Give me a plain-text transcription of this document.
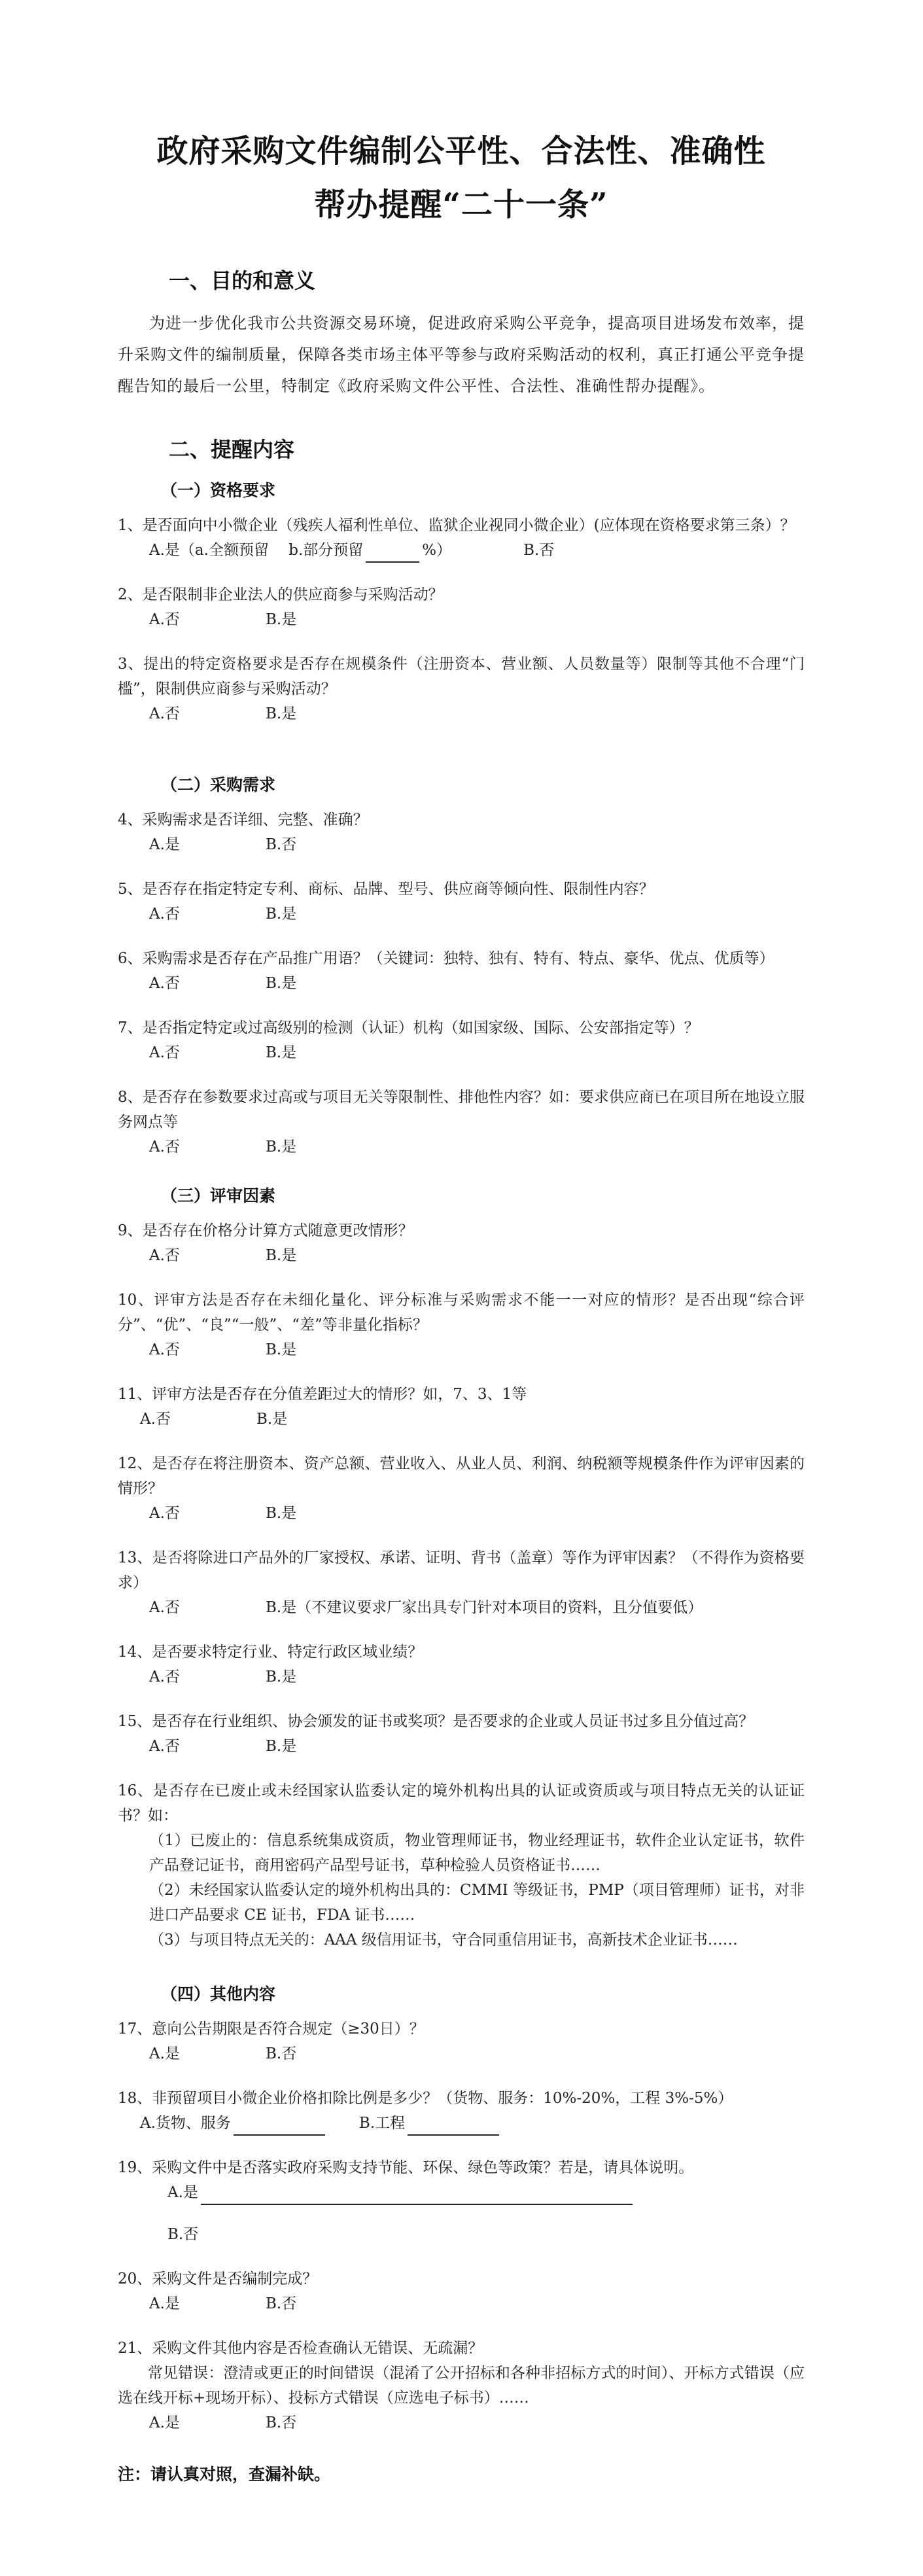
政府采购文件编制公平性、合法性、准确性
帮办提醒“二十一条”
一、目的和意义
为进一步优化我市公共资源交易环境，促进政府采购公平竞争，提高项目进场发布效率，提升采购文件的编制质量，保障各类市场主体平等参与政府采购活动的权利，真正打通公平竞争提醒告知的最后一公里，特制定《政府采购文件公平性、合法性、准确性帮办提醒》。
二、提醒内容
（一）资格要求
1、是否面向中小微企业（残疾人福利性单位、监狱企业视同小微企业）(应体现在资格要求第三条）？
A.是（a.全额预留　 b.部分预留	%）	B.否
2、是否限制非企业法人的供应商参与采购活动？
A.否	B.是
3、提出的特定资格要求是否存在规模条件（注册资本、营业额、人员数量等）限制等其他不合理“门槛”，限制供应商参与采购活动？
A.否	B.是
（二）采购需求
4、采购需求是否详细、完整、准确？
A.是	B.否
5、是否存在指定特定专利、商标、品牌、型号、供应商等倾向性、限制性内容？
A.否	B.是
6、采购需求是否存在产品推广用语？（关键词：独特、独有、特有、特点、豪华、优点、优质等）
A.否	B.是
7、是否指定特定或过高级别的检测（认证）机构（如国家级、国际、公安部指定等）？
A.否	B.是
8、是否存在参数要求过高或与项目无关等限制性、排他性内容？如：要求供应商已在项目所在地设立服务网点等
A.否	B.是
（三）评审因素
9、是否存在价格分计算方式随意更改情形？
A.否	B.是
10、评审方法是否存在未细化量化、评分标准与采购需求不能一一对应的情形？是否出现“综合评分”、“优”、“良”“一般”、“差”等非量化指标？
A.否	B.是
11、评审方法是否存在分值差距过大的情形？如，7、3、1等
A.否	B.是
12、是否存在将注册资本、资产总额、营业收入、从业人员、利润、纳税额等规模条件作为评审因素的情形？
A.否	B.是
13、是否将除进口产品外的厂家授权、承诺、证明、背书（盖章）等作为评审因素？（不得作为资格要求）
A.否	B.是（不建议要求厂家出具专门针对本项目的资料，且分值要低）
14、是否要求特定行业、特定行政区域业绩？
A.否	B.是
15、是否存在行业组织、协会颁发的证书或奖项？是否要求的企业或人员证书过多且分值过高？
A.否	B.是
16、是否存在已废止或未经国家认监委认定的境外机构出具的认证或资质或与项目特点无关的认证证书？如：
（1）已废止的：信息系统集成资质，物业管理师证书，物业经理证书，软件企业认定证书，软件产品登记证书，商用密码产品型号证书，草种检验人员资格证书……
（2）未经国家认监委认定的境外机构出具的：CMMI 等级证书，PMP（项目管理师）证书，对非进口产品要求 CE 证书，FDA 证书……
（3）与项目特点无关的：AAA 级信用证书，守合同重信用证书，高新技术企业证书……
（四）其他内容
17、意向公告期限是否符合规定（≥30日）？
A.是	B.否
18、非预留项目小微企业价格扣除比例是多少？（货物、服务：10%-20%，工程 3%-5%）
A.货物、服务	B.工程
19、采购文件中是否落实政府采购支持节能、环保、绿色等政策？若是，请具体说明。
A.是
B.否
20、采购文件是否编制完成？
A.是	B.否
21、采购文件其他内容是否检查确认无错误、无疏漏？
常见错误：澄清或更正的时间错误（混淆了公开招标和各种非招标方式的时间）、开标方式错误（应选在线开标+现场开标）、投标方式错误（应选电子标书）……
A.是	B.否
注：请认真对照，查漏补缺。
